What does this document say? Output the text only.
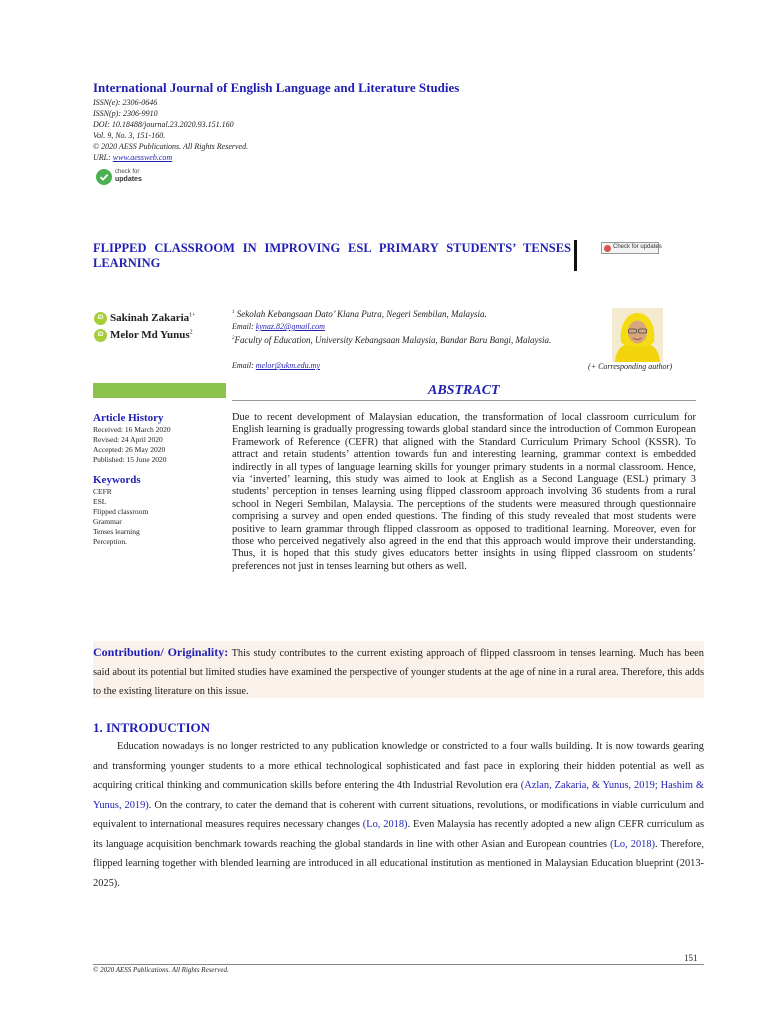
International Journal of English Language and Literature Studies
ISSN(e): 2306-0646
ISSN(p): 2306-9910
DOI: 10.18488/journal.23.2020.93.151.160
Vol. 9, No. 3, 151-160.
© 2020 AESS Publications. All Rights Reserved.
URL: www.aessweb.com
check for
updates
FLIPPED CLASSROOM IN IMPROVING ESL PRIMARY STUDENTS’ TENSES LEARNING
Check for updates
iD Sakinah Zakaria$^{1+}$
iD Melor Md Yunus$^2$
$^1$ Sekolah Kebangsaan Dato’ Klana Putra, Negeri Sembilan, Malaysia.
Email: kynaz.82@gmail.com
$^2$Faculty of Education, University Kebangsaan Malaysia, Bandar Baru Bangi, Malaysia.
Email: melor@ukm.edu.my	(+ Corresponding author)
ABSTRACT
Article History
Received: 16 March 2020
Revised: 24 April 2020
Accepted: 26 May 2020
Published: 15 June 2020
Keywords
CEFR
ESL
Flipped classroom
Grammar
Tenses learning
Perception.
Due to recent development of Malaysian education, the transformation of local classroom curriculum for English learning is gradually progressing towards global standard since the introduction of Common European Framework of Reference (CEFR) that aligned with the Standard Curriculum Primary School (KSSR). To attract and retain students’ attention towards fun and interesting learning, grammar context is embedded indirectly in all types of language learning skills for younger primary students in a normal classroom. Hence, via ‘inverted’ learning, this study was aimed to look at English as a Second Language (ESL) primary 3 students’ perception in tenses learning using flipped classroom approach involving 36 students from a rural school in Negeri Sembilan, Malaysia. The perceptions of the students were measured through questionnaire comprising a survey and open ended questions. The finding of this study revealed that most students were positive to learn grammar through flipped classroom as opposed to traditional learning. Moreover, even for those who perceived negatively also agreed in the end that this approach would improve their understanding. Thus, it is hoped that this study gives educators better insights in using flipped classroom on students’ preferences not just in tenses learning but others as well.
Contribution/ Originality: This study contributes to the current existing approach of flipped classroom in tenses learning. Much has been said about its potential but limited studies have examined the perspective of younger students at the age of nine in a rural area. Therefore, this adds to the existing literature on this issue.
1. INTRODUCTION
Education nowadays is no longer restricted to any publication knowledge or constricted to a four walls building. It is now towards gearing and transforming younger students to a more ethical technological sophisticated and fast pace in exploring their hidden potential as well as acquiring critical thinking and communication skills before entering the 4th Industrial Revolution era (Azlan, Zakaria, & Yunus, 2019; Hashim & Yunus, 2019). On the contrary, to cater the demand that is coherent with current situations, revolutions, or modifications in viable curriculum and equivalent to international measures requires necessary changes (Lo, 2018). Even Malaysia has recently adopted a new align CEFR curriculum as its language acquisition benchmark towards reaching the global standards in line with other Asian and European countries (Lo, 2018). Therefore, flipped learning together with blended learning are introduced in all educational institution as mentioned in Malaysian Education blueprint (2013-2025).
151
© 2020 AESS Publications. All Rights Reserved.
